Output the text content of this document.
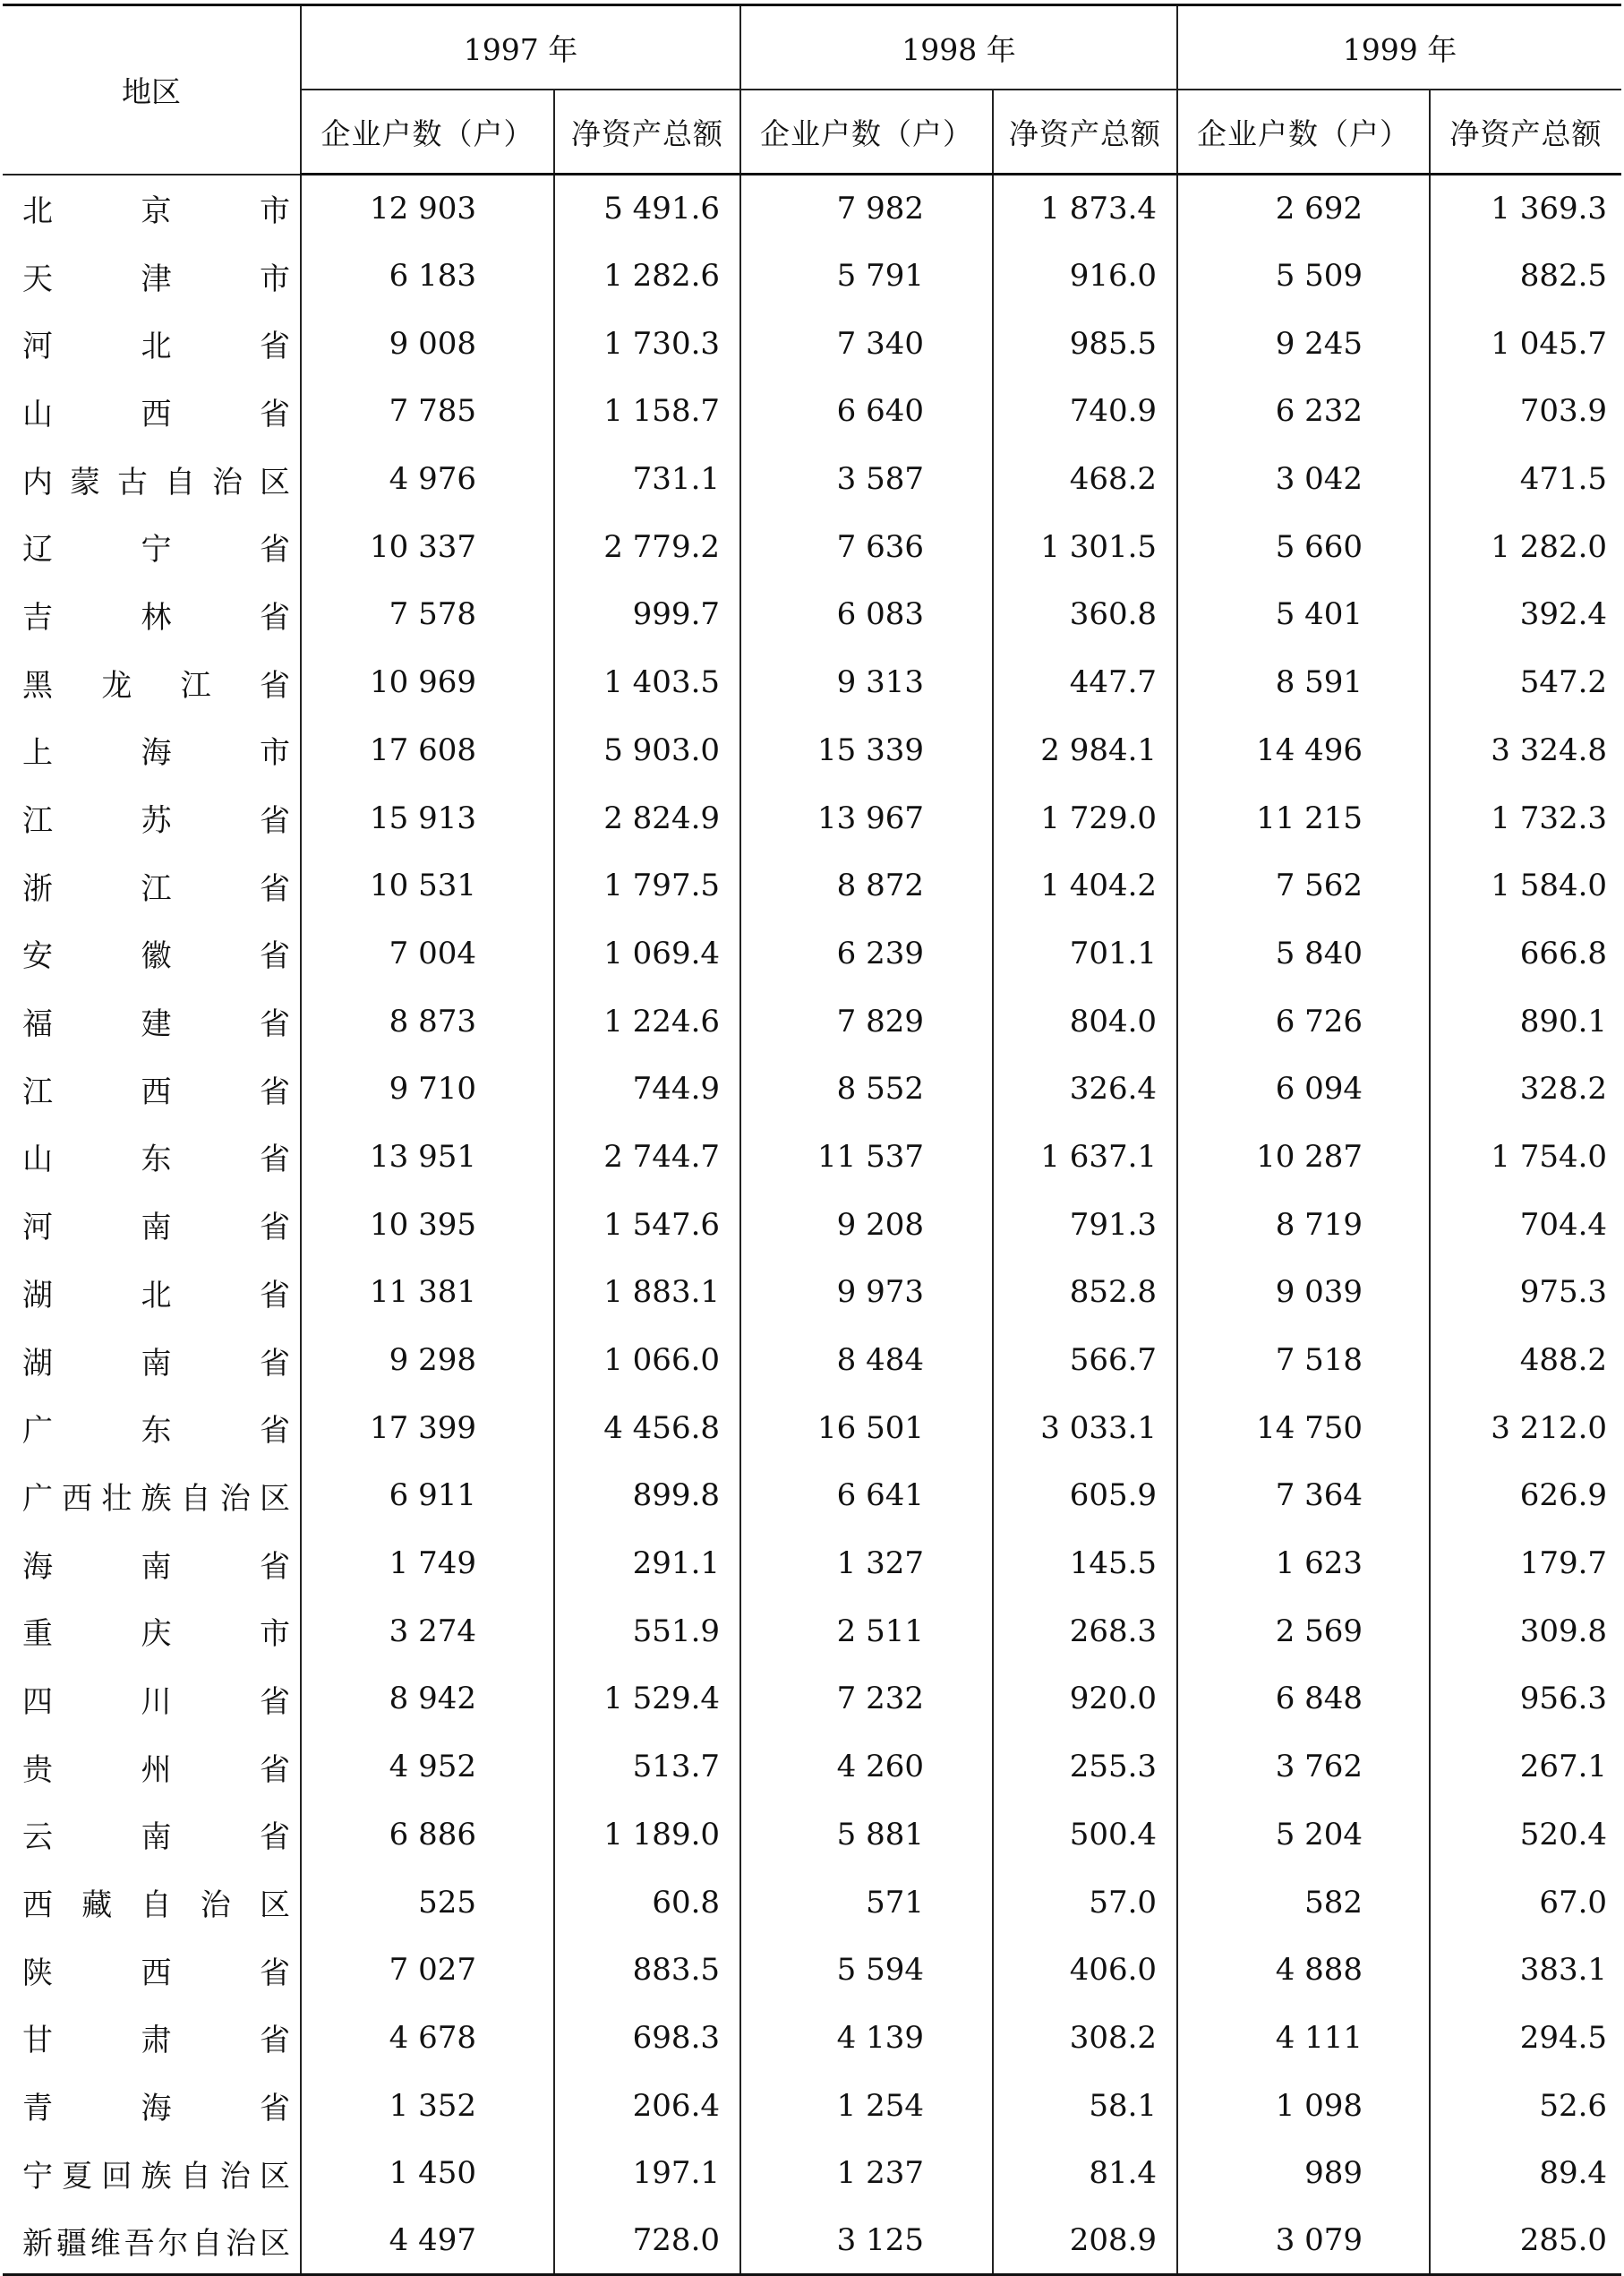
地区	1997 年		1998 年		1999 年	
	企业户数（户）	净资产总额	企业户数（户）	净资产总额	企业户数（户）	净资产总额

北京市	12 903	5 491.6	7 982	1 873.4	2 692	1 369.3

天津市	6 183	1 282.6	5 791	916.0	5 509	882.5

河北省	9 008	1 730.3	7 340	985.5	9 245	1 045.7

山西省	7 785	1 158.7	6 640	740.9	6 232	703.9

内蒙古自治区	4 976	731.1	3 587	468.2	3 042	471.5

辽宁省	10 337	2 779.2	7 636	1 301.5	5 660	1 282.0

吉林省	7 578	999.7	6 083	360.8	5 401	392.4

黑龙江省	10 969	1 403.5	9 313	447.7	8 591	547.2

上海市	17 608	5 903.0	15 339	2 984.1	14 496	3 324.8

江苏省	15 913	2 824.9	13 967	1 729.0	11 215	1 732.3

浙江省	10 531	1 797.5	8 872	1 404.2	7 562	1 584.0

安徽省	7 004	1 069.4	6 239	701.1	5 840	666.8

福建省	8 873	1 224.6	7 829	804.0	6 726	890.1

江西省	9 710	744.9	8 552	326.4	6 094	328.2

山东省	13 951	2 744.7	11 537	1 637.1	10 287	1 754.0

河南省	10 395	1 547.6	9 208	791.3	8 719	704.4

湖北省	11 381	1 883.1	9 973	852.8	9 039	975.3

湖南省	9 298	1 066.0	8 484	566.7	7 518	488.2

广东省	17 399	4 456.8	16 501	3 033.1	14 750	3 212.0

广西壮族自治区	6 911	899.8	6 641	605.9	7 364	626.9

海南省	1 749	291.1	1 327	145.5	1 623	179.7

重庆市	3 274	551.9	2 511	268.3	2 569	309.8

四川省	8 942	1 529.4	7 232	920.0	6 848	956.3

贵州省	4 952	513.7	4 260	255.3	3 762	267.1

云南省	6 886	1 189.0	5 881	500.4	5 204	520.4

西藏自治区	525	60.8	571	57.0	582	67.0

陕西省	7 027	883.5	5 594	406.0	4 888	383.1

甘肃省	4 678	698.3	4 139	308.2	4 111	294.5

青海省	1 352	206.4	1 254	58.1	1 098	52.6

宁夏回族自治区	1 450	197.1	1 237	81.4	989	89.4

新疆维吾尔自治区	4 497	728.0	3 125	208.9	3 079	285.0
